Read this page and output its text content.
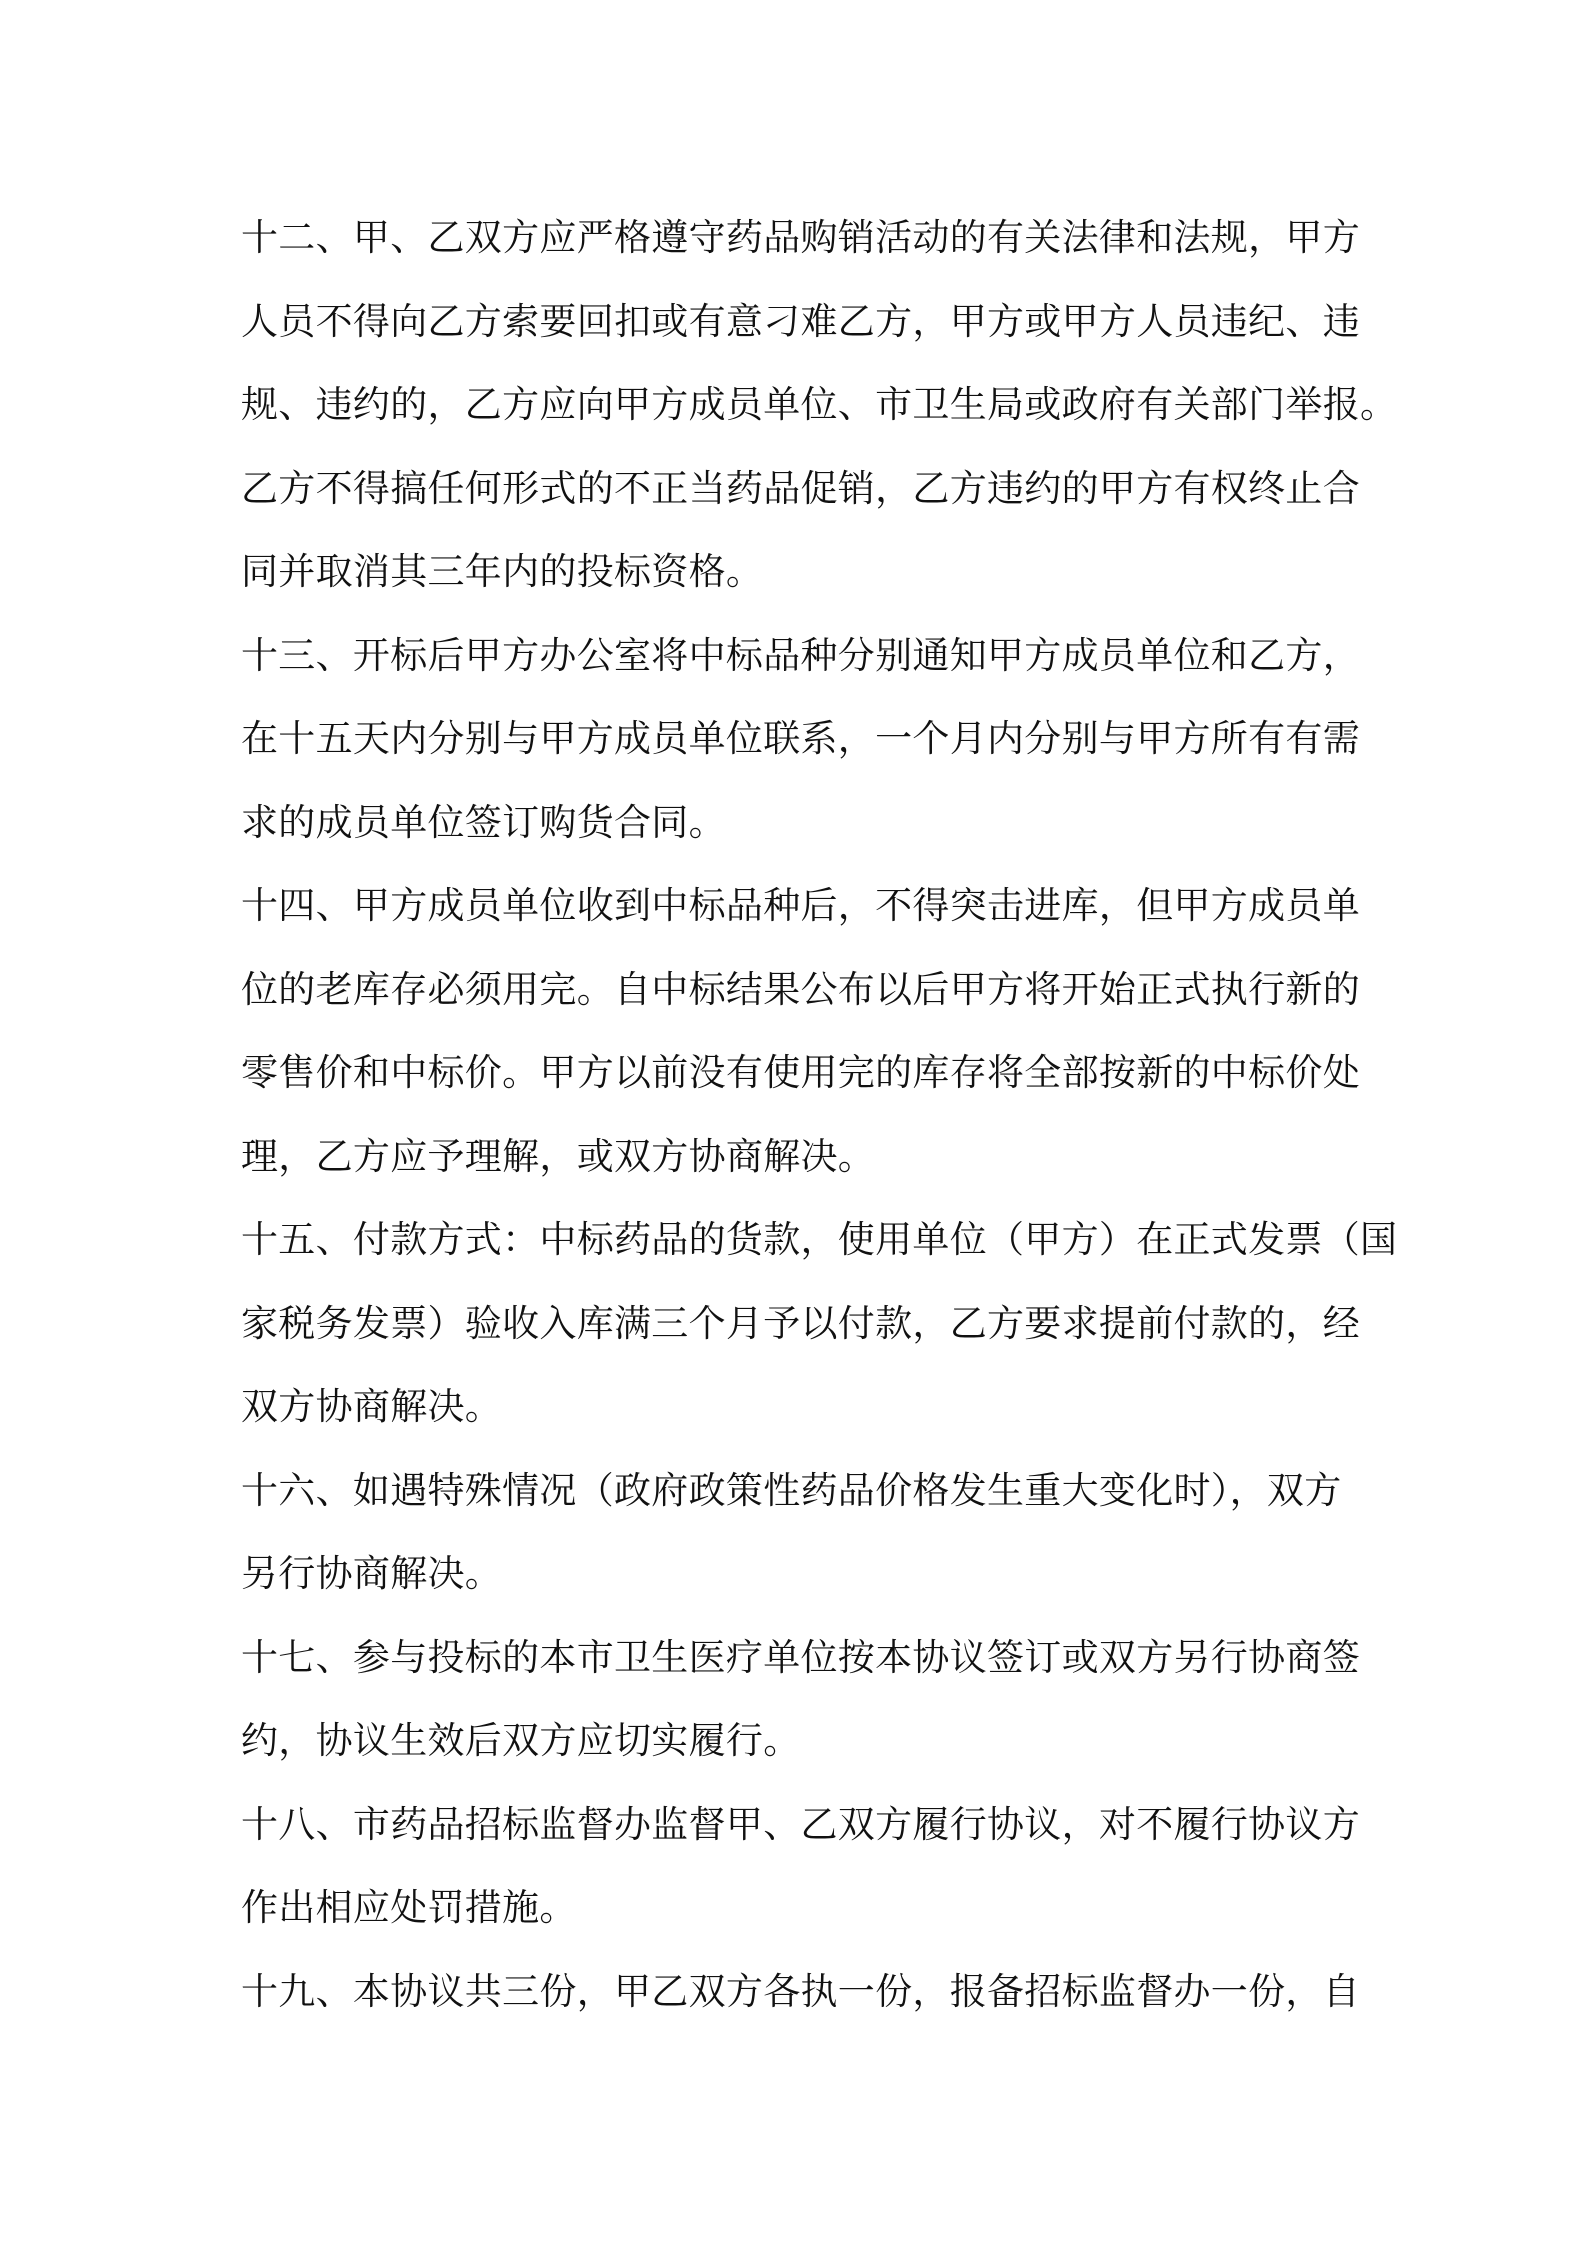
十二、甲、乙双方应严格遵守药品购销活动的有关法律和法规，甲方
人员不得向乙方索要回扣或有意刁难乙方，甲方或甲方人员违纪、违
规、违约的，乙方应向甲方成员单位、市卫生局或政府有关部门举报。
乙方不得搞任何形式的不正当药品促销，乙方违约的甲方有权终止合
同并取消其三年内的投标资格。
十三、开标后甲方办公室将中标品种分别通知甲方成员单位和乙方，
在十五天内分别与甲方成员单位联系，一个月内分别与甲方所有有需
求的成员单位签订购货合同。
十四、甲方成员单位收到中标品种后，不得突击进库，但甲方成员单
位的老库存必须用完。自中标结果公布以后甲方将开始正式执行新的
零售价和中标价。甲方以前没有使用完的库存将全部按新的中标价处
理，乙方应予理解，或双方协商解决。
十五、付款方式：中标药品的货款，使用单位（甲方）在正式发票（国
家税务发票）验收入库满三个月予以付款，乙方要求提前付款的，经
双方协商解决。
十六、如遇特殊情况（政府政策性药品价格发生重大变化时），双方
另行协商解决。
十七、参与投标的本市卫生医疗单位按本协议签订或双方另行协商签
约，协议生效后双方应切实履行。
十八、市药品招标监督办监督甲、乙双方履行协议，对不履行协议方
作出相应处罚措施。
十九、本协议共三份，甲乙双方各执一份，报备招标监督办一份，自
